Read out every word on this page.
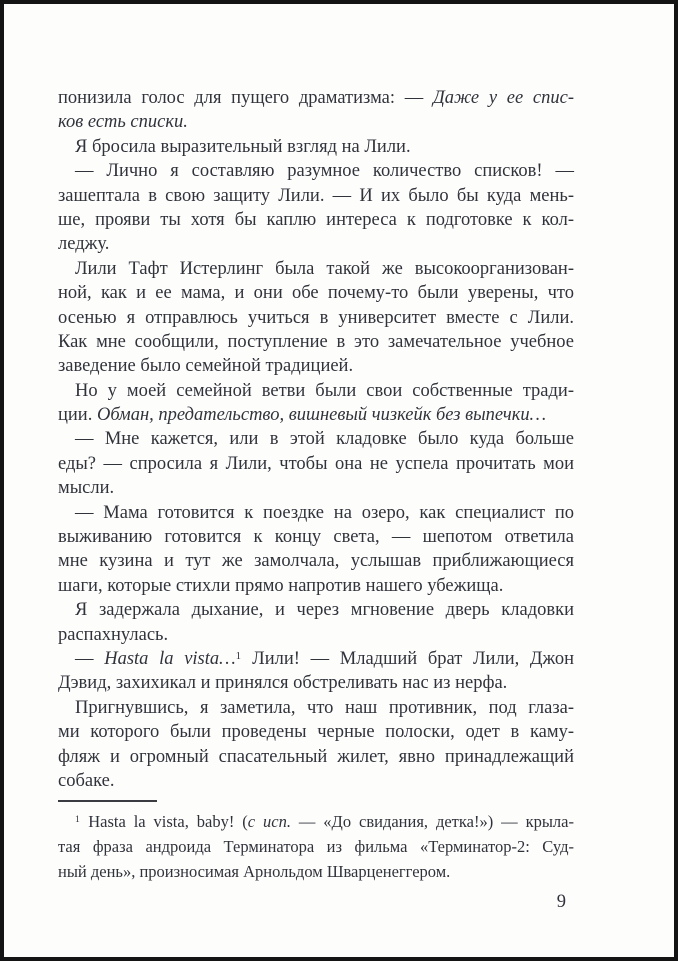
понизила голос для пущего драматизма: — Даже у ее спис-
ков есть списки.
Я бросила выразительный взгляд на Лили.
— Лично я составляю разумное количество списков! —
зашептала в свою защиту Лили. — И их было бы куда мень-
ше, прояви ты хотя бы каплю интереса к подготовке к кол-
леджу.
Лили Тафт Истерлинг была такой же высокоорганизован-
ной, как и ее мама, и они обе почему-то были уверены, что
осенью я отправлюсь учиться в университет вместе с Лили.
Как мне сообщили, поступление в это замечательное учебное
заведение было семейной традицией.
Но у моей семейной ветви были свои собственные тради-
ции. Обман, предательство, вишневый чизкейк без выпечки…
— Мне кажется, или в этой кладовке было куда больше
еды? — спросила я Лили, чтобы она не успела прочитать мои
мысли.
— Мама готовится к поездке на озеро, как специалист по
выживанию готовится к концу света, — шепотом ответила
мне кузина и тут же замолчала, услышав приближающиеся
шаги, которые стихли прямо напротив нашего убежища.
Я задержала дыхание, и через мгновение дверь кладовки
распахнулась.
— Hasta la vista…$^1$ Лили! — Младший брат Лили, Джон
Дэвид, захихикал и принялся обстреливать нас из нерфа.
Пригнувшись, я заметила, что наш противник, под глаза-
ми которого были проведены черные полоски, одет в каму-
фляж и огромный спасательный жилет, явно принадлежащий
собаке.
$^1$ Hasta la vista, baby! (с исп. — «До свидания, детка!») — крыла-
тая фраза андроида Терминатора из фильма «Терминатор-2: Суд-
ный день», произносимая Арнольдом Шварценеггером.
9
